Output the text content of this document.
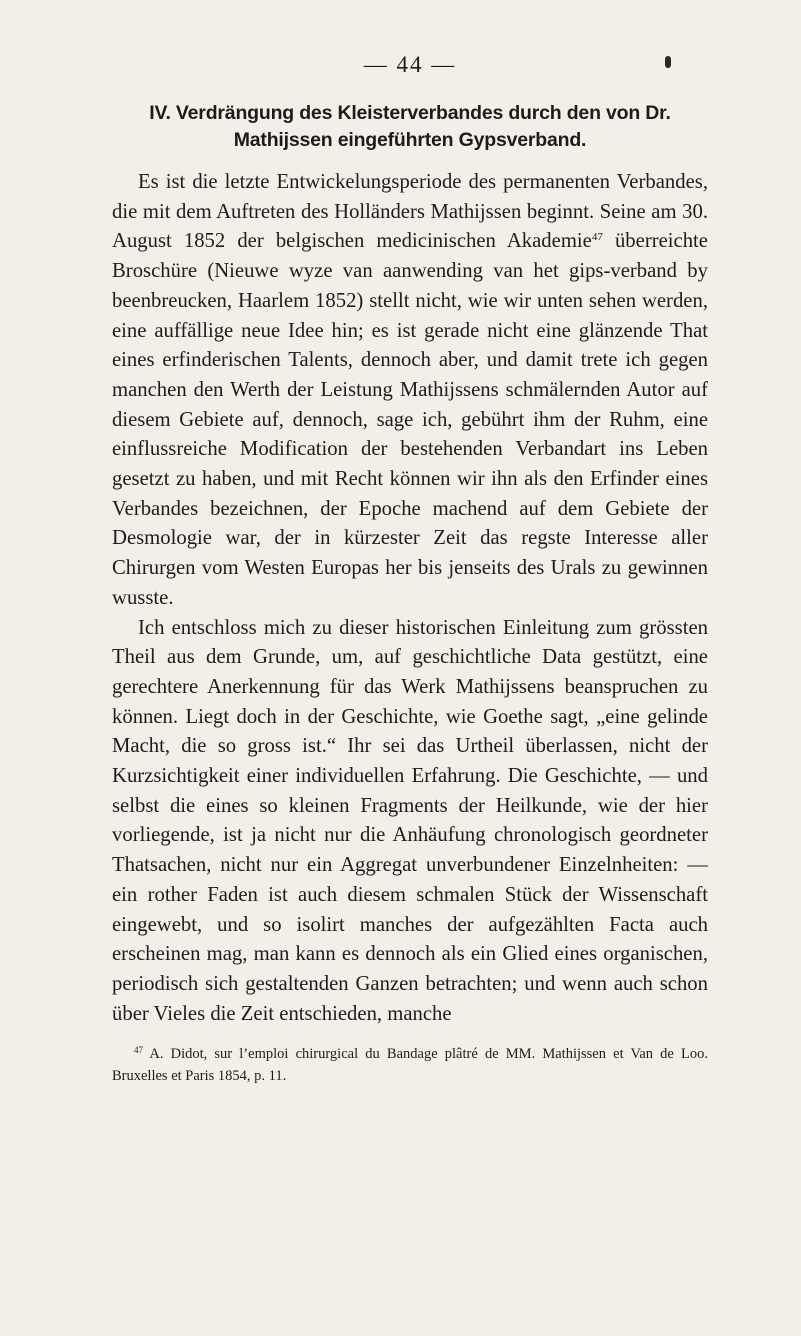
— 44 —
IV. Verdrängung des Kleisterverbandes durch den von Dr.
Mathijssen eingeführten Gypsverband.

Es ist die letzte Entwickelungsperiode des permanenten Verbandes, die mit dem Auftreten des Holländers Mathijssen beginnt. Seine am 30. August 1852 der belgischen medicinischen Akademie$^{47}$ überreichte Broschüre (Nieuwe wyze van aanwending van het gips-verband by beenbreucken, Haarlem 1852) stellt nicht, wie wir unten sehen werden, eine auffällige neue Idee hin; es ist gerade nicht eine glänzende That eines erfinderischen Talents, dennoch aber, und damit trete ich gegen manchen den Werth der Leistung Mathijssens schmälernden Autor auf diesem Gebiete auf, dennoch, sage ich, gebührt ihm der Ruhm, eine einflussreiche Modification der bestehenden Verbandart ins Leben gesetzt zu haben, und mit Recht können wir ihn als den Erfinder eines Verbandes bezeichnen, der Epoche machend auf dem Gebiete der Desmologie war, der in kürzester Zeit das regste Interesse aller Chirurgen vom Westen Europas her bis jenseits des Urals zu gewinnen wusste.

Ich entschloss mich zu dieser historischen Einleitung zum grössten Theil aus dem Grunde, um, auf geschichtliche Data gestützt, eine gerechtere Anerkennung für das Werk Mathijssens beanspruchen zu können. Liegt doch in der Geschichte, wie Goethe sagt, „eine gelinde Macht, die so gross ist.“ Ihr sei das Urtheil überlassen, nicht der Kurzsichtigkeit einer individuellen Erfahrung. Die Geschichte, — und selbst die eines so kleinen Fragments der Heilkunde, wie der hier vorliegende, ist ja nicht nur die Anhäufung chronologisch geordneter Thatsachen, nicht nur ein Aggregat unverbundener Einzelnheiten: — ein rother Faden ist auch diesem schmalen Stück der Wissenschaft eingewebt, und so isolirt manches der aufgezählten Facta auch erscheinen mag, man kann es dennoch als ein Glied eines organischen, periodisch sich gestaltenden Ganzen betrachten; und wenn auch schon über Vieles die Zeit entschieden, manche

$^{47}$ A. Didot, sur l’emploi chirurgical du Bandage plâtré de MM. Mathijssen et Van de Loo. Bruxelles et Paris 1854, p. 11.
